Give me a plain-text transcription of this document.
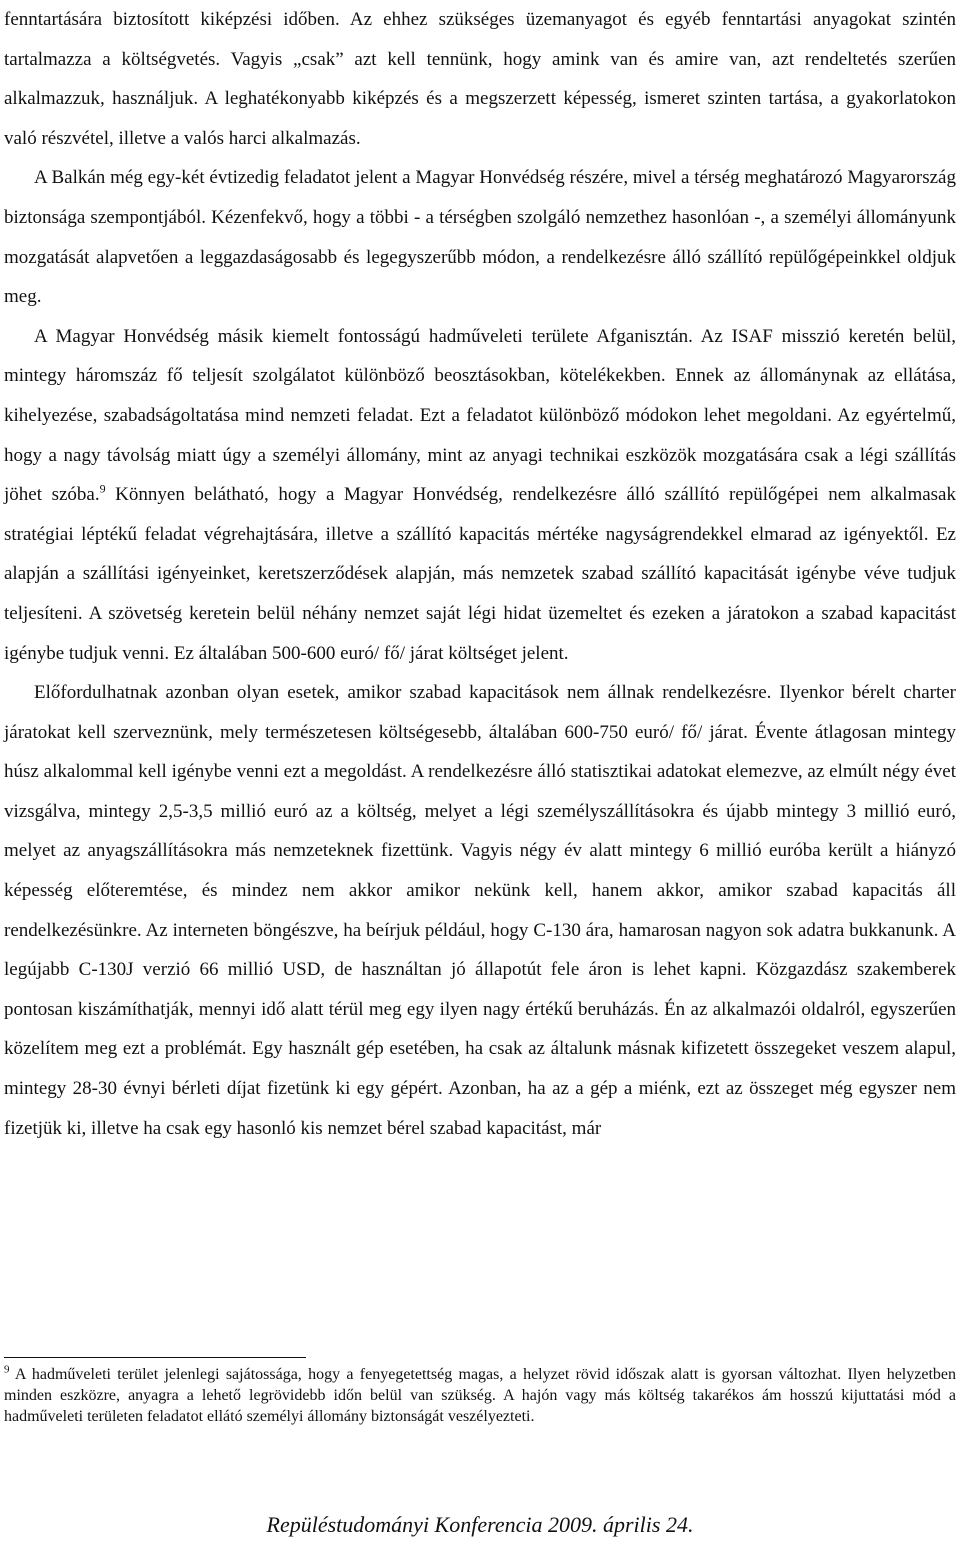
fenntartására biztosított kiképzési időben. Az ehhez szükséges üzemanyagot és egyéb fenntartási anyagokat szintén tartalmazza a költségvetés. Vagyis „csak” azt kell tennünk, hogy amink van és amire van, azt rendeltetés szerűen alkalmazzuk, használjuk. A leghatékonyabb kiképzés és a megszerzett képesség, ismeret szinten tartása, a gyakorlatokon való részvétel, illetve a valós harci alkalmazás.

A Balkán még egy-két évtizedig feladatot jelent a Magyar Honvédség részére, mivel a térség meghatározó Magyarország biztonsága szempontjából. Kézenfekvő, hogy a többi - a térségben szolgáló nemzethez hasonlóan -, a személyi állományunk mozgatását alapvetően a leggazdaságosabb és legegyszerűbb módon, a rendelkezésre álló szállító repülőgépeinkkel oldjuk meg.

A Magyar Honvédség másik kiemelt fontosságú hadműveleti területe Afganisztán. Az ISAF misszió keretén belül, mintegy háromszáz fő teljesít szolgálatot különböző beosztásokban, kötelékekben. Ennek az állománynak az ellátása, kihelyezése, szabadságoltatása mind nemzeti feladat. Ezt a feladatot különböző módokon lehet megoldani. Az egyértelmű, hogy a nagy távolság miatt úgy a személyi állomány, mint az anyagi technikai eszközök mozgatására csak a légi szállítás jöhet szóba.$^9$ Könnyen belátható, hogy a Magyar Honvédség, rendelkezésre álló szállító repülőgépei nem alkalmasak stratégiai léptékű feladat végrehajtására, illetve a szállító kapacitás mértéke nagyságrendekkel elmarad az igényektől. Ez alapján a szállítási igényeinket, keretszerződések alapján, más nemzetek szabad szállító kapacitását igénybe véve tudjuk teljesíteni. A szövetség keretein belül néhány nemzet saját légi hidat üzemeltet és ezeken a járatokon a szabad kapacitást igénybe tudjuk venni. Ez általában 500-600 euró/ fő/ járat költséget jelent.

Előfordulhatnak azonban olyan esetek, amikor szabad kapacitások nem állnak rendelkezésre. Ilyenkor bérelt charter járatokat kell szerveznünk, mely természetesen költségesebb, általában 600-750 euró/ fő/ járat. Évente átlagosan mintegy húsz alkalommal kell igénybe venni ezt a megoldást. A rendelkezésre álló statisztikai adatokat elemezve, az elmúlt négy évet vizsgálva, mintegy 2,5-3,5 millió euró az a költség, melyet a légi személyszállításokra és újabb mintegy 3 millió euró, melyet az anyagszállításokra más nemzeteknek fizettünk. Vagyis négy év alatt mintegy 6 millió euróba került a hiányzó képesség előteremtése, és mindez nem akkor amikor nekünk kell, hanem akkor, amikor szabad kapacitás áll rendelkezésünkre. Az interneten böngészve, ha beírjuk például, hogy C-130 ára, hamarosan nagyon sok adatra bukkanunk. A legújabb C-130J verzió 66 millió USD, de használtan jó állapotút fele áron is lehet kapni. Közgazdász szakemberek pontosan kiszámíthatják, mennyi idő alatt térül meg egy ilyen nagy értékű beruházás. Én az alkalmazói oldalról, egyszerűen közelítem meg ezt a problémát. Egy használt gép esetében, ha csak az általunk másnak kifizetett összegeket veszem alapul, mintegy 28-30 évnyi bérleti díjat fizetünk ki egy gépért. Azonban, ha az a gép a miénk, ezt az összeget még egyszer nem fizetjük ki, illetve ha csak egy hasonló kis nemzet bérel szabad kapacitást, már

$^9$ A hadműveleti terület jelenlegi sajátossága, hogy a fenyegetettség magas, a helyzet rövid időszak alatt is gyorsan változhat. Ilyen helyzetben minden eszközre, anyagra a lehető legrövidebb időn belül van szükség. A hajón vagy más költség takarékos ám hosszú kijuttatási mód a hadműveleti területen feladatot ellátó személyi állomány biztonságát veszélyezteti.

Repüléstudományi Konferencia 2009. április 24.
